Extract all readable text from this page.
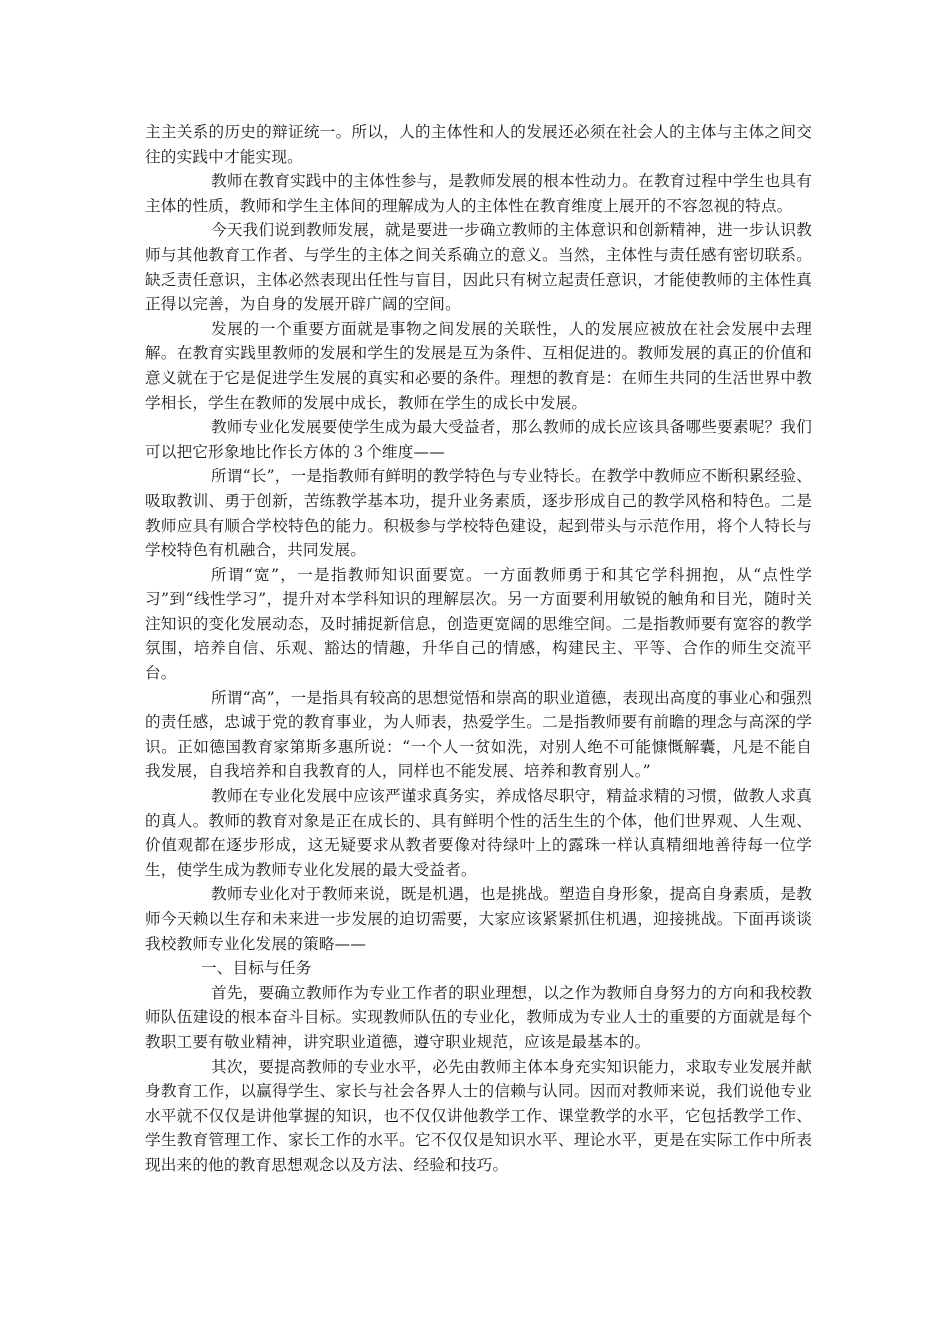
主主关系的历史的辩证统一。所以，人的主体性和人的发展还必须在社会人的主体与主体之间交往的实践中才能实现。

教师在教育实践中的主体性参与，是教师发展的根本性动力。在教育过程中学生也具有主体的性质，教师和学生主体间的理解成为人的主体性在教育维度上展开的不容忽视的特点。

今天我们说到教师发展，就是要进一步确立教师的主体意识和创新精神，进一步认识教师与其他教育工作者、与学生的主体之间关系确立的意义。当然，主体性与责任感有密切联系。缺乏责任意识，主体必然表现出任性与盲目，因此只有树立起责任意识，才能使教师的主体性真正得以完善，为自身的发展开辟广阔的空间。

发展的一个重要方面就是事物之间发展的关联性，人的发展应被放在社会发展中去理解。在教育实践里教师的发展和学生的发展是互为条件、互相促进的。教师发展的真正的价值和意义就在于它是促进学生发展的真实和必要的条件。理想的教育是：在师生共同的生活世界中教学相长，学生在教师的发展中成长，教师在学生的成长中发展。

教师专业化发展要使学生成为最大受益者，那么教师的成长应该具备哪些要素呢？我们可以把它形象地比作长方体的３个维度——

所谓“长”，一是指教师有鲜明的教学特色与专业特长。在教学中教师应不断积累经验、吸取教训、勇于创新，苦练教学基本功，提升业务素质，逐步形成自己的教学风格和特色。二是教师应具有顺合学校特色的能力。积极参与学校特色建设，起到带头与示范作用，将个人特长与学校特色有机融合，共同发展。

所谓“宽”，一是指教师知识面要宽。一方面教师勇于和其它学科拥抱，从“点性学习”到“线性学习”，提升对本学科知识的理解层次。另一方面要利用敏锐的触角和目光，随时关注知识的变化发展动态，及时捕捉新信息，创造更宽阔的思维空间。二是指教师要有宽容的教学氛围，培养自信、乐观、豁达的情趣，升华自己的情感，构建民主、平等、合作的师生交流平台。

所谓“高”，一是指具有较高的思想觉悟和崇高的职业道德，表现出高度的事业心和强烈的责任感，忠诚于党的教育事业，为人师表，热爱学生。二是指教师要有前瞻的理念与高深的学识。正如德国教育家第斯多惠所说：“一个人一贫如洗，对别人绝不可能慷慨解囊，凡是不能自我发展，自我培养和自我教育的人，同样也不能发展、培养和教育别人。”

教师在专业化发展中应该严谨求真务实，养成恪尽职守，精益求精的习惯，做教人求真的真人。教师的教育对象是正在成长的、具有鲜明个性的活生生的个体，他们世界观、人生观、价值观都在逐步形成，这无疑要求从教者要像对待绿叶上的露珠一样认真精细地善待每一位学生，使学生成为教师专业化发展的最大受益者。

教师专业化对于教师来说，既是机遇，也是挑战。塑造自身形象，提高自身素质，是教师今天赖以生存和未来进一步发展的迫切需要，大家应该紧紧抓住机遇，迎接挑战。下面再谈谈我校教师专业化发展的策略——

一、目标与任务

首先，要确立教师作为专业工作者的职业理想，以之作为教师自身努力的方向和我校教师队伍建设的根本奋斗目标。实现教师队伍的专业化，教师成为专业人士的重要的方面就是每个教职工要有敬业精神，讲究职业道德，遵守职业规范，应该是最基本的。

其次，要提高教师的专业水平，必先由教师主体本身充实知识能力，求取专业发展并献身教育工作，以赢得学生、家长与社会各界人士的信赖与认同。因而对教师来说，我们说他专业水平就不仅仅是讲他掌握的知识，也不仅仅讲他教学工作、课堂教学的水平，它包括教学工作、学生教育管理工作、家长工作的水平。它不仅仅是知识水平、理论水平，更是在实际工作中所表现出来的他的教育思想观念以及方法、经验和技巧。
